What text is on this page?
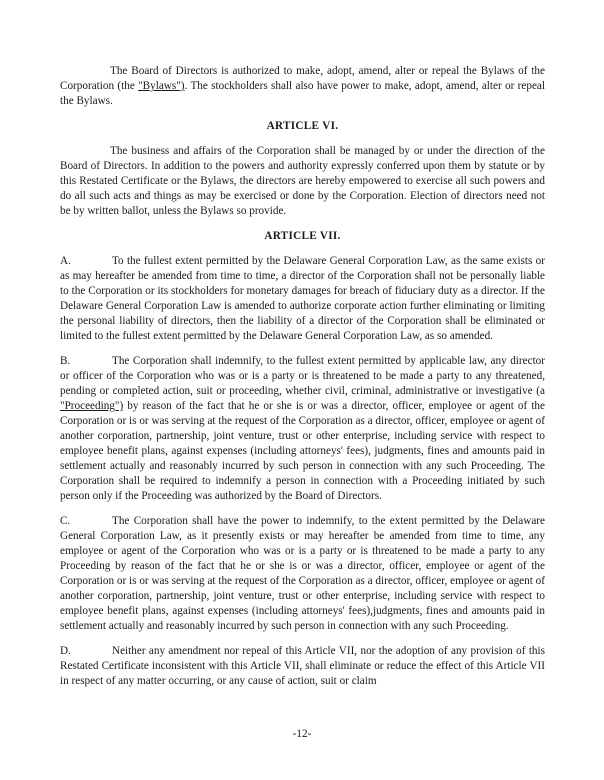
The Board of Directors is authorized to make, adopt, amend, alter or repeal the Bylaws of the Corporation (the "Bylaws"). The stockholders shall also have power to make, adopt, amend, alter or repeal the Bylaws.

ARTICLE VI.

The business and affairs of the Corporation shall be managed by or under the direction of the Board of Directors. In addition to the powers and authority expressly conferred upon them by statute or by this Restated Certificate or the Bylaws, the directors are hereby empowered to exercise all such powers and do all such acts and things as may be exercised or done by the Corporation. Election of directors need not be by written ballot, unless the Bylaws so provide.

ARTICLE VII.

A.	To the fullest extent permitted by the Delaware General Corporation Law, as the same exists or as may hereafter be amended from time to time, a director of the Corporation shall not be personally liable to the Corporation or its stockholders for monetary damages for breach of fiduciary duty as a director. If the Delaware General Corporation Law is amended to authorize corporate action further eliminating or limiting the personal liability of directors, then the liability of a director of the Corporation shall be eliminated or limited to the fullest extent permitted by the Delaware General Corporation Law, as so amended.

B.	The Corporation shall indemnify, to the fullest extent permitted by applicable law, any director or officer of the Corporation who was or is a party or is threatened to be made a party to any threatened, pending or completed action, suit or proceeding, whether civil, criminal, administrative or investigative (a "Proceeding") by reason of the fact that he or she is or was a director, officer, employee or agent of the Corporation or is or was serving at the request of the Corporation as a director, officer, employee or agent of another corporation, partnership, joint venture, trust or other enterprise, including service with respect to employee benefit plans, against expenses (including attorneys' fees), judgments, fines and amounts paid in settlement actually and reasonably incurred by such person in connection with any such Proceeding. The Corporation shall be required to indemnify a person in connection with a Proceeding initiated by such person only if the Proceeding was authorized by the Board of Directors.

C.	The Corporation shall have the power to indemnify, to the extent permitted by the Delaware General Corporation Law, as it presently exists or may hereafter be amended from time to time, any employee or agent of the Corporation who was or is a party or is threatened to be made a party to any Proceeding by reason of the fact that he or she is or was a director, officer, employee or agent of the Corporation or is or was serving at the request of the Corporation as a director, officer, employee or agent of another corporation, partnership, joint venture, trust or other enterprise, including service with respect to employee benefit plans, against expenses (including attorneys' fees),judgments, fines and amounts paid in settlement actually and reasonably incurred by such person in connection with any such Proceeding.

D.	Neither any amendment nor repeal of this Article VII, nor the adoption of any provision of this Restated Certificate inconsistent with this Article VII, shall eliminate or reduce the effect of this Article VII in respect of any matter occurring, or any cause of action, suit or claim

-12-
